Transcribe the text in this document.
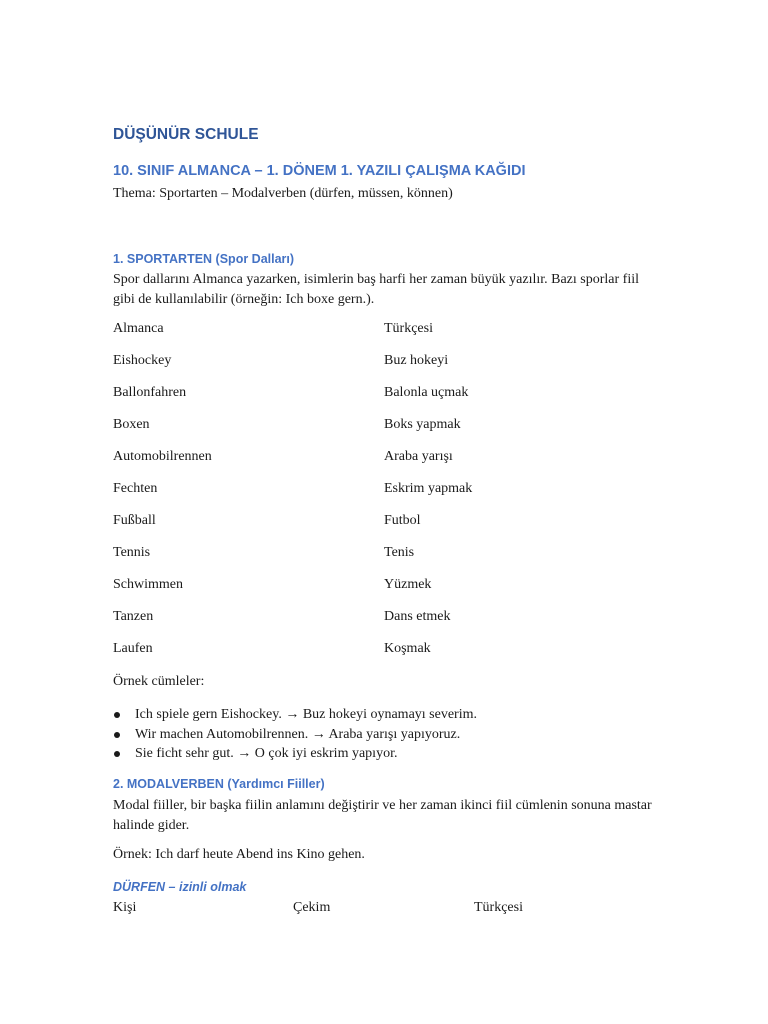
DÜŞÜNÜR SCHULE
10. SINIF ALMANCA – 1. DÖNEM 1. YAZILI ÇALIŞMA KAĞIDI
Thema: Sportarten – Modalverben (dürfen, müssen, können)
1. SPORTARTEN (Spor Dalları)
Spor dallarını Almanca yazarken, isimlerin baş harfi her zaman büyük yazılır. Bazı sporlar fiil gibi de kullanılabilir (örneğin: Ich boxe gern.).
Almanca	Türkçesi
Eishockey	Buz hokeyi
Ballonfahren	Balonla uçmak
Boxen	Boks yapmak
Automobilrennen	Araba yarışı
Fechten	Eskrim yapmak
Fußball	Futbol
Tennis	Tenis
Schwimmen	Yüzmek
Tanzen	Dans etmek
Laufen	Koşmak
Örnek cümleler:
Ich spiele gern Eishockey. → Buz hokeyi oynamayı severim.
Wir machen Automobilrennen. → Araba yarışı yapıyoruz.
Sie ficht sehr gut. → O çok iyi eskrim yapıyor.
2. MODALVERBEN (Yardımcı Fiiller)
Modal fiiller, bir başka fiilin anlamını değiştirir ve her zaman ikinci fiil cümlenin sonuna mastar halinde gider.
Örnek: Ich darf heute Abend ins Kino gehen.
DÜRFEN – izinli olmak
Kişi	Çekim	Türkçesi
